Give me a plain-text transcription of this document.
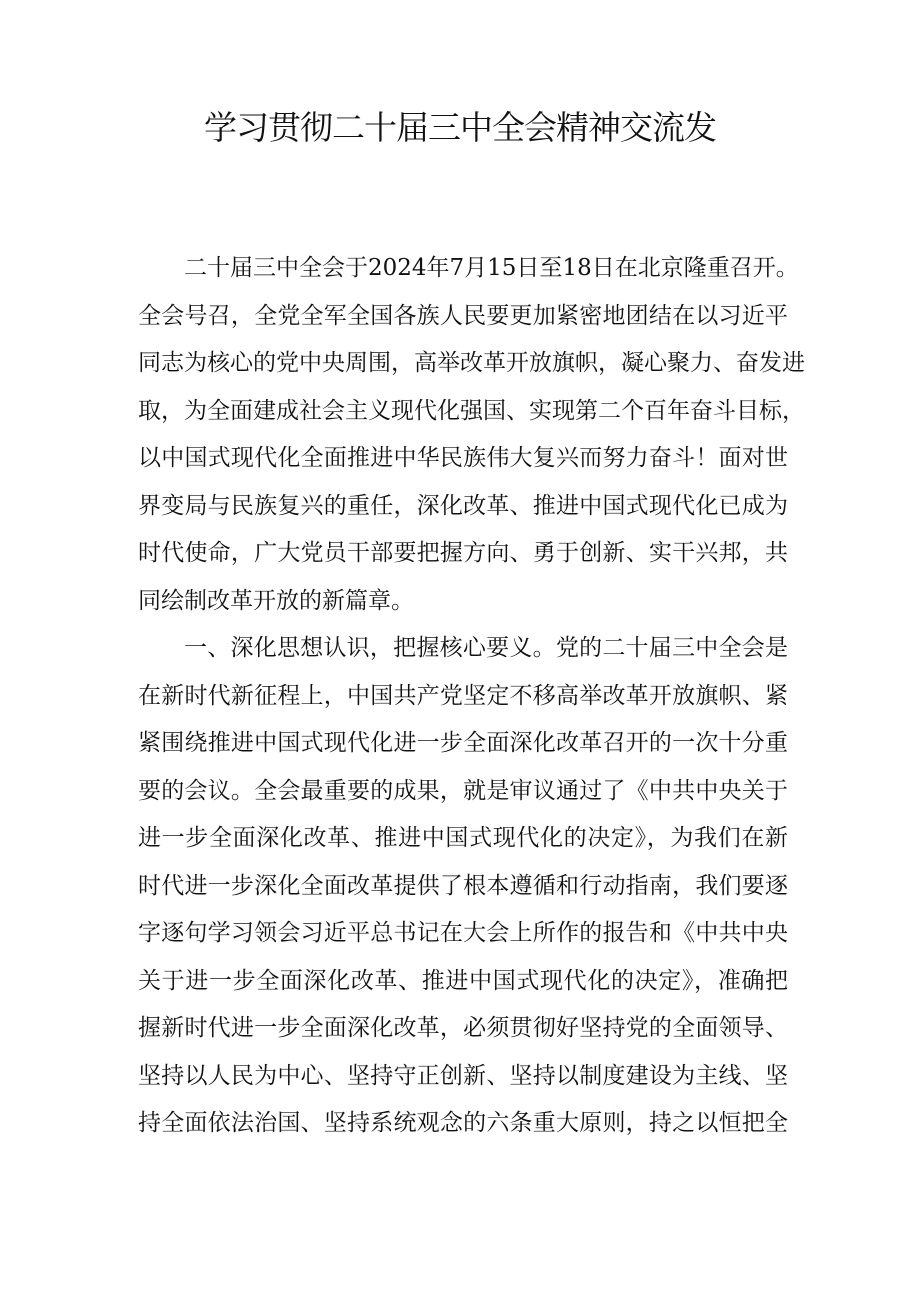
学习贯彻二十届三中全会精神交流发
二十届三中全会于2024年7月15日至18日在北京隆重召开。
全会号召，全党全军全国各族人民要更加紧密地团结在以习近平
同志为核心的党中央周围，高举改革开放旗帜，凝心聚力、奋发进
取，为全面建成社会主义现代化强国、实现第二个百年奋斗目标，
以中国式现代化全面推进中华民族伟大复兴而努力奋斗！面对世
界变局与民族复兴的重任，深化改革、推进中国式现代化已成为
时代使命，广大党员干部要把握方向、勇于创新、实干兴邦，共
同绘制改革开放的新篇章。
一、深化思想认识，把握核心要义。党的二十届三中全会是
在新时代新征程上，中国共产党坚定不移高举改革开放旗帜、紧
紧围绕推进中国式现代化进一步全面深化改革召开的一次十分重
要的会议。全会最重要的成果，就是审议通过了《中共中央关于
进一步全面深化改革、推进中国式现代化的决定》，为我们在新
时代进一步深化全面改革提供了根本遵循和行动指南，我们要逐
字逐句学习领会习近平总书记在大会上所作的报告和《中共中央
关于进一步全面深化改革、推进中国式现代化的决定》，准确把
握新时代进一步全面深化改革，必须贯彻好坚持党的全面领导、
坚持以人民为中心、坚持守正创新、坚持以制度建设为主线、坚
持全面依法治国、坚持系统观念的六条重大原则，持之以恒把全
